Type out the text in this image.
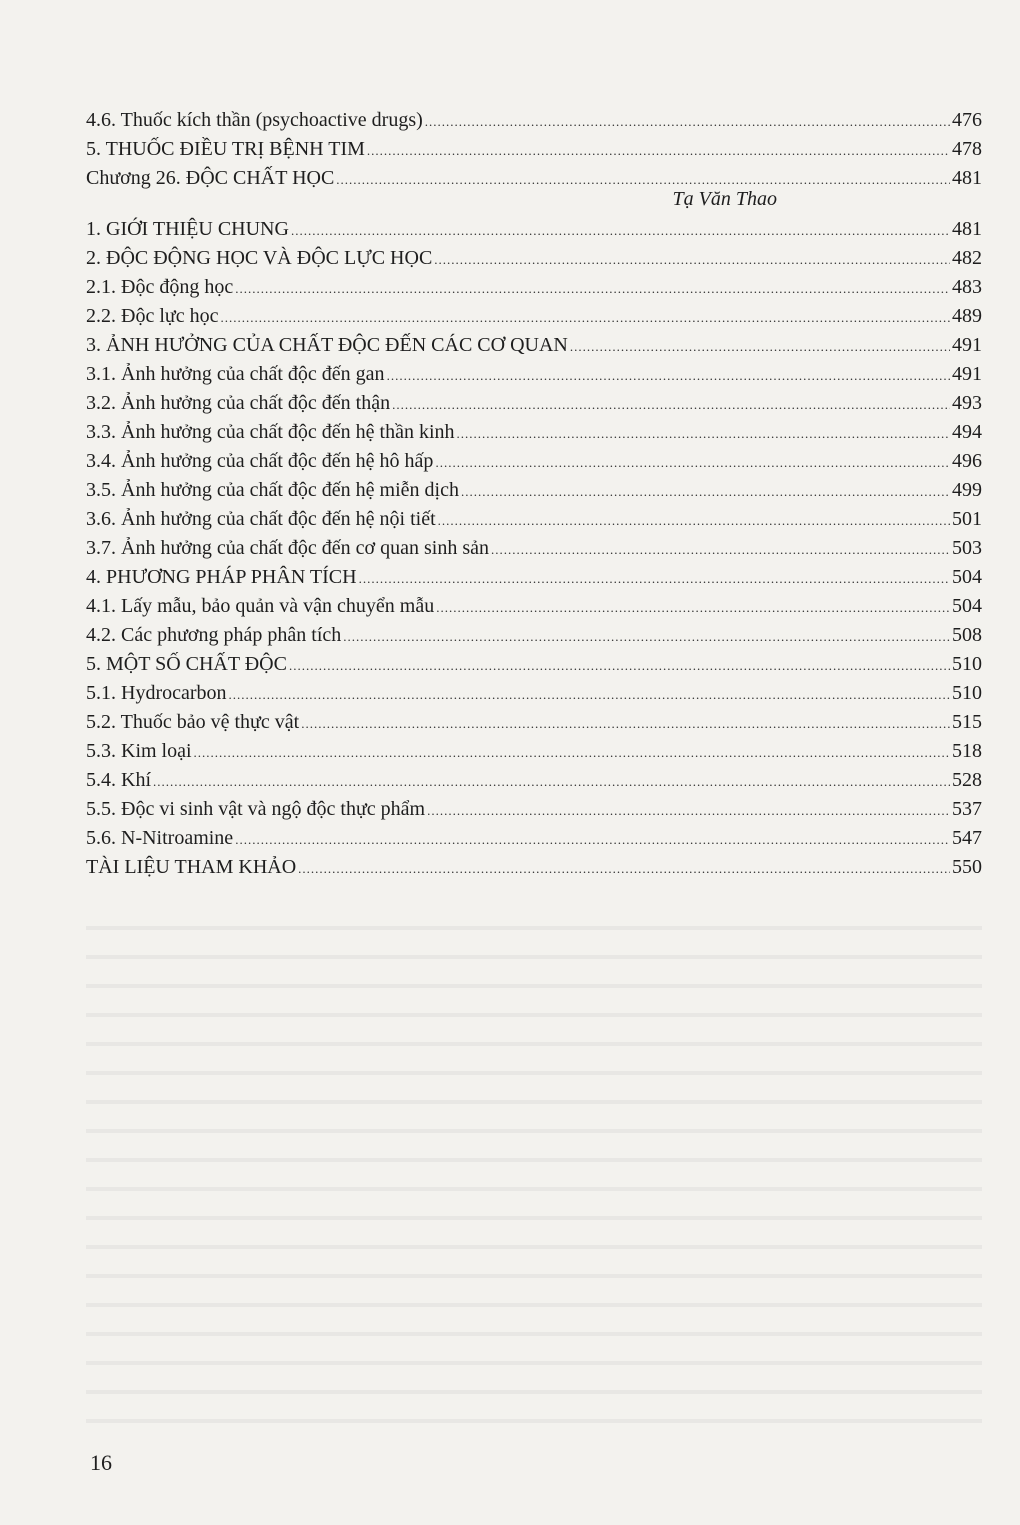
4.6. Thuốc kích thần (psychoactive drugs) .....	476
5. THUỐC ĐIỀU TRỊ BỆNH TIM .....	478
Chương 26. ĐỘC CHẤT HỌC .....	481
Tạ Văn Thao
1. GIỚI THIỆU CHUNG .....	481
2. ĐỘC ĐỘNG HỌC VÀ ĐỘC LỰC HỌC .....	482
2.1. Độc động học .....	483
2.2. Độc lực học .....	489
3. ẢNH HƯỞNG CỦA CHẤT ĐỘC ĐẾN CÁC CƠ QUAN .....	491
3.1. Ảnh hưởng của chất độc đến gan .....	491
3.2. Ảnh hưởng của chất độc đến thận .....	493
3.3. Ảnh hưởng của chất độc đến hệ thần kinh .....	494
3.4. Ảnh hưởng của chất độc đến hệ hô hấp .....	496
3.5. Ảnh hưởng của chất độc đến hệ miễn dịch .....	499
3.6. Ảnh hưởng của chất độc đến hệ nội tiết .....	501
3.7. Ảnh hưởng của chất độc đến cơ quan sinh sản .....	503
4. PHƯƠNG PHÁP PHÂN TÍCH .....	504
4.1. Lấy mẫu, bảo quản và vận chuyển mẫu .....	504
4.2. Các phương pháp phân tích .....	508
5. MỘT SỐ CHẤT ĐỘC .....	510
5.1. Hydrocarbon .....	510
5.2. Thuốc bảo vệ thực vật .....	515
5.3. Kim loại .....	518
5.4. Khí .....	528
5.5. Độc vi sinh vật và ngộ độc thực phẩm .....	537
5.6. N-Nitroamine .....	547
TÀI LIỆU THAM KHẢO .....	550
16
